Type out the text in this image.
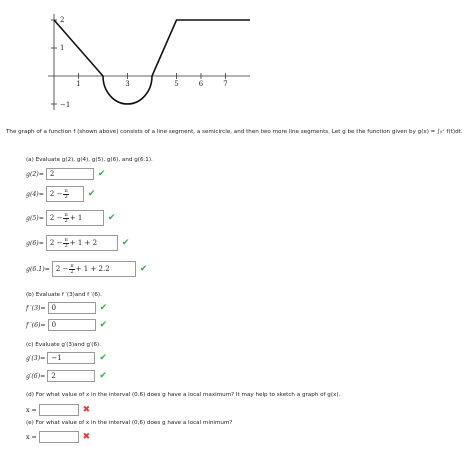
1	3	5	6	7
2
1
−1
The graph of a function f (shown above) consists of a line segment, a semicircle, and then two more line segments. Let g be the function given by g(x) = ∫₀ˣ f(t)dt.
(a) Evaluate g(2), g(4), g(5), g(6), and g(6.1).
g(2)= 2	✔
$g(4)= 2 - \frac{\pi}{2}$ ✔
$g(5)= 2 - \frac{\pi}{2} + 1$	✔
$g(6)= 2 - \frac{\pi}{2} + 1 + 2$	✔
$g(6.1)= 2 - \frac{\pi}{2} + 1 + 2.2$	✔
(b) Evaluate f ′(3)and f ′(6).
f ′(3)= 0	✔
f ′(6)= 0	✔
(c) Evaluate g′(3)and g′(6).
g′(3)= −1	✔
g′(6)= 2	✔
(d) For what value of x in the interval (0,6) does g have a local maximum? It may help to sketch a graph of g(x).
x =	✖
(e) For what value of x in the interval (0,6) does g have a local minimum?
x =	✖
